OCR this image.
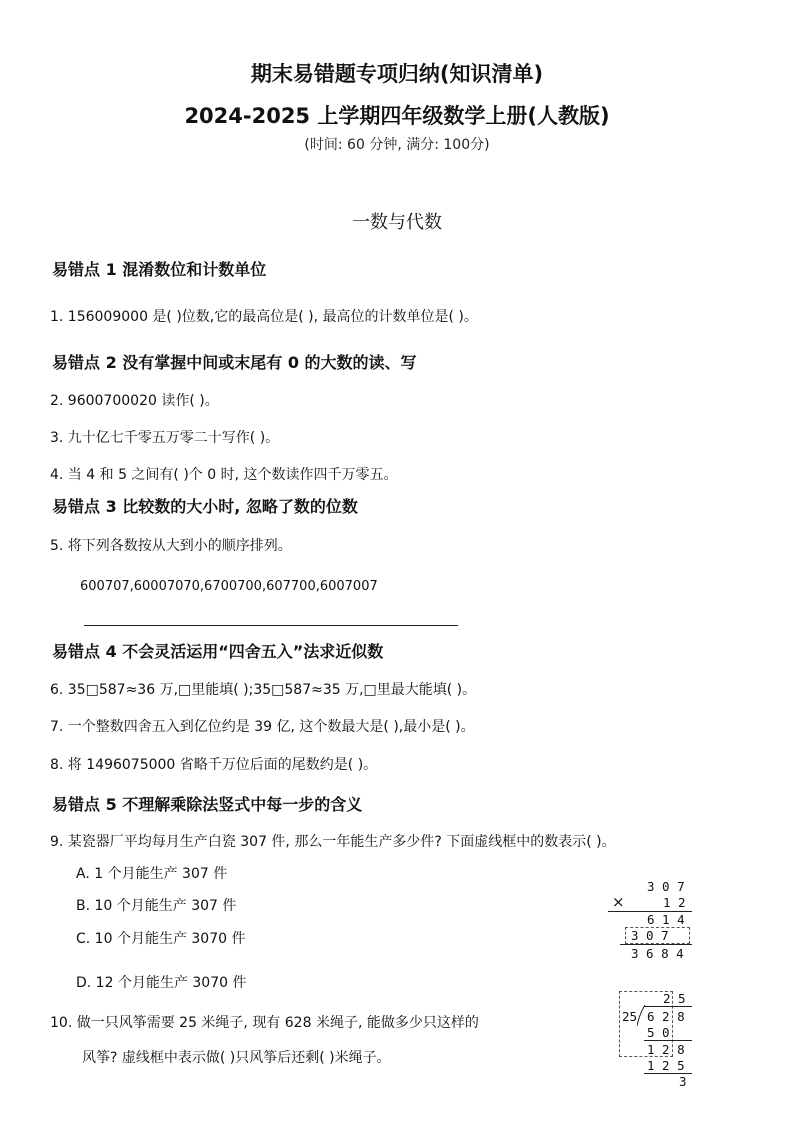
期末易错题专项归纳(知识清单)
2024-2025 上学期四年级数学上册(人教版)
(时间: 60 分钟, 满分: 100分)
一数与代数
易错点 1 混淆数位和计数单位
1. 156009000 是( )位数,它的最高位是( ), 最高位的计数单位是( )。
易错点 2 没有掌握中间或末尾有 0 的大数的读、写
2. 9600700020 读作( )。
3. 九十亿七千零五万零二十写作( )。
4. 当 4 和 5 之间有( )个 0 时, 这个数读作四千万零五。
易错点 3 比较数的大小时, 忽略了数的位数
5. 将下列各数按从大到小的顺序排列。
600707,60007070,6700700,607700,6007007
易错点 4 不会灵活运用“四舍五入”法求近似数
6. 35□587≈36 万,□里能填( );35□587≈35 万,□里最大能填( )。
7. 一个整数四舍五入到亿位约是 39 亿, 这个数最大是( ),最小是( )。
8. 将 1496075000 省略千万位后面的尾数约是( )。
易错点 5 不理解乘除法竖式中每一步的含义
9. 某瓷器厂平均每月生产白瓷 307 件, 那么一年能生产多少件? 下面虚线框中的数表示( )。
A. 1 个月能生产 307 件
B. 10 个月能生产 307 件
C. 10 个月能生产 3070 件
D. 12 个月能生产 3070 件
10. 做一只风筝需要 25 米绳子, 现有 628 米绳子, 能做多少只这样的
风筝? 虚线框中表示做( )只风筝后还剩( )米绳子。
3 0 7
×	1 2
6 1 4
3 0 7
3 6 8 4
2 5
25 6 2 8
5 0
1 2 8
1 2 5
3
